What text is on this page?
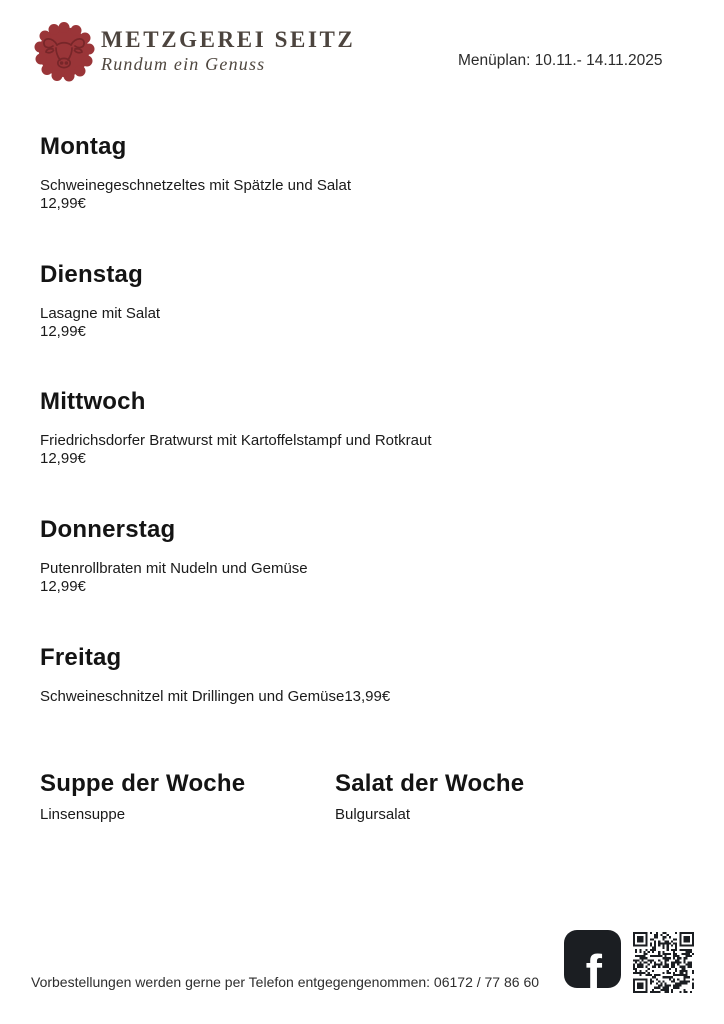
METZGEREI SEITZ
Rundum ein Genuss	Menüplan: 10.11.- 14.11.2025
Montag

Schweinegeschnetzeltes mit Spätzle und Salat
12,99€

Dienstag

Lasagne mit Salat
12,99€

Mittwoch

Friedrichsdorfer Bratwurst mit Kartoffelstampf und Rotkraut
12,99€

Donnerstag

Putenrollbraten mit Nudeln und Gemüse
12,99€

Freitag

Schweineschnitzel mit Drillingen und Gemüse13,99€

Suppe der Woche

Linsensuppe

Salat der Woche

Bulgursalat

f
Vorbestellungen werden gerne per Telefon entgegengenommen: 06172 / 77 86 60
